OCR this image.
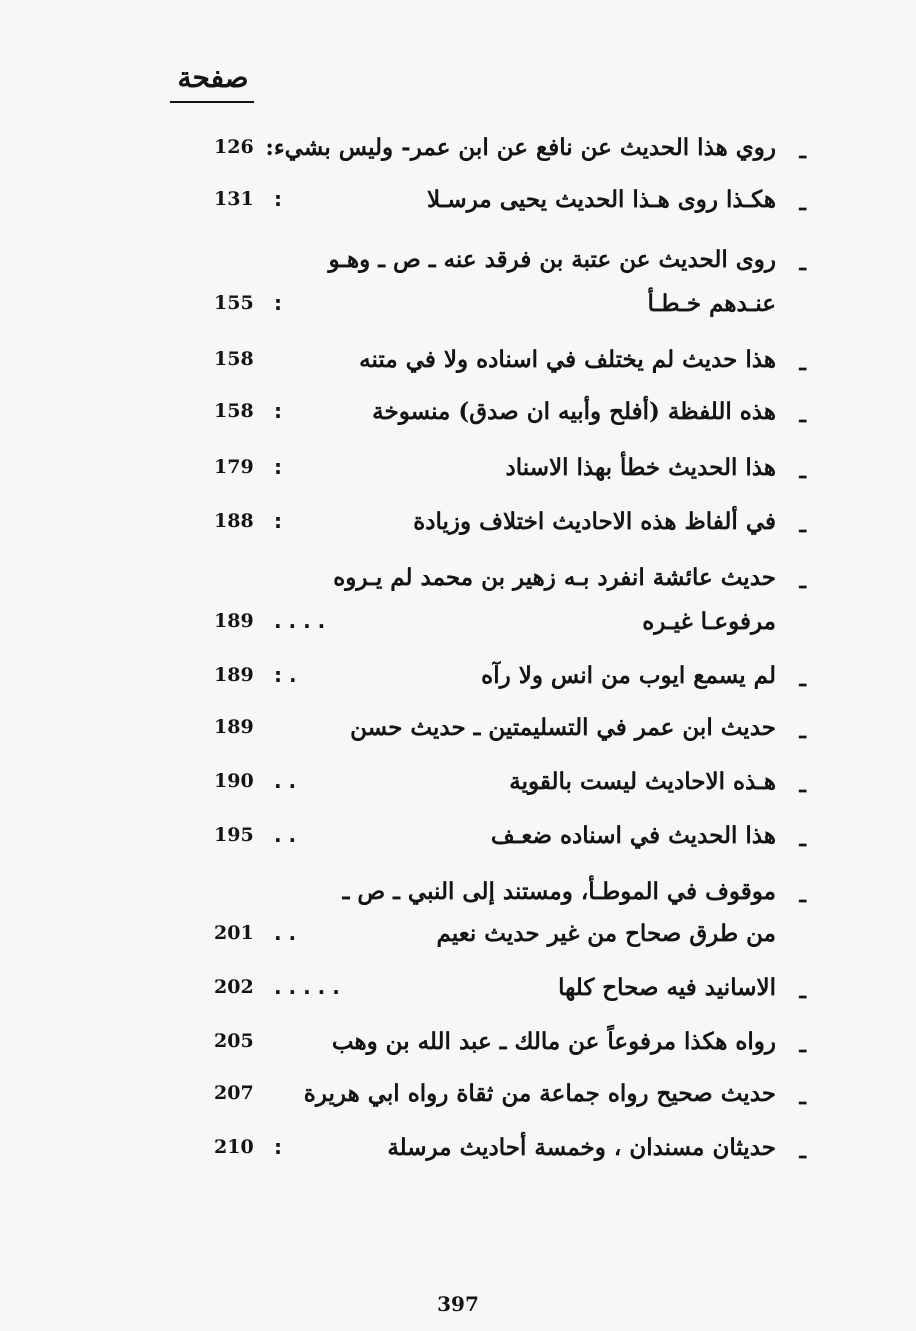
صفحة
ـ
روي هذا الحديث عن نافع عن ابن عمر- وليس بشيء:
126
ـ
هكـذا روى هـذا الحديث يحيى مرسـلا
:
131
ـ
روى الحديث عن عتبة بن فرقد عنه ـ ص ـ وهـو
عنـدهم خـطـأ
:
155
ـ
هذا حديث لم يختلف في اسناده ولا في متنه
158
ـ
هذه اللفظة (أفلح وأبيه ان صدق) منسوخة
:
158
ـ
هذا الحديث خطأ بهذا الاسناد
:
179
ـ
في ألفاظ هذه الاحاديث اختلاف وزيادة
:
188
ـ
حديث عائشة انفرد بـه زهير بن محمد لم يـروه
مرفوعـا غيـره
. . . .
189
ـ
لم يسمع ايوب من انس ولا رآه
: .
189
ـ
حديث ابن عمر في التسليمتين ـ حديث حسن
189
ـ
هـذه الاحاديث ليست بالقوية
. .
190
ـ
هذا الحديث في اسناده ضعـف
. .
195
ـ
موقوف في الموطـأ، ومستند إلى النبي ـ ص ـ
من طرق صحاح من غير حديث نعيم
. .
201
ـ
الاسانيد فيه صحاح كلها
. . . . .
202
ـ
رواه هكذا مرفوعاً عن مالك ـ عبد الله بن وهب
205
ـ
حديث صحيح رواه جماعة من ثقاة رواه ابي هريرة
207
ـ
حديثان مسندان ، وخمسة أحاديث مرسلة
:
210
397
